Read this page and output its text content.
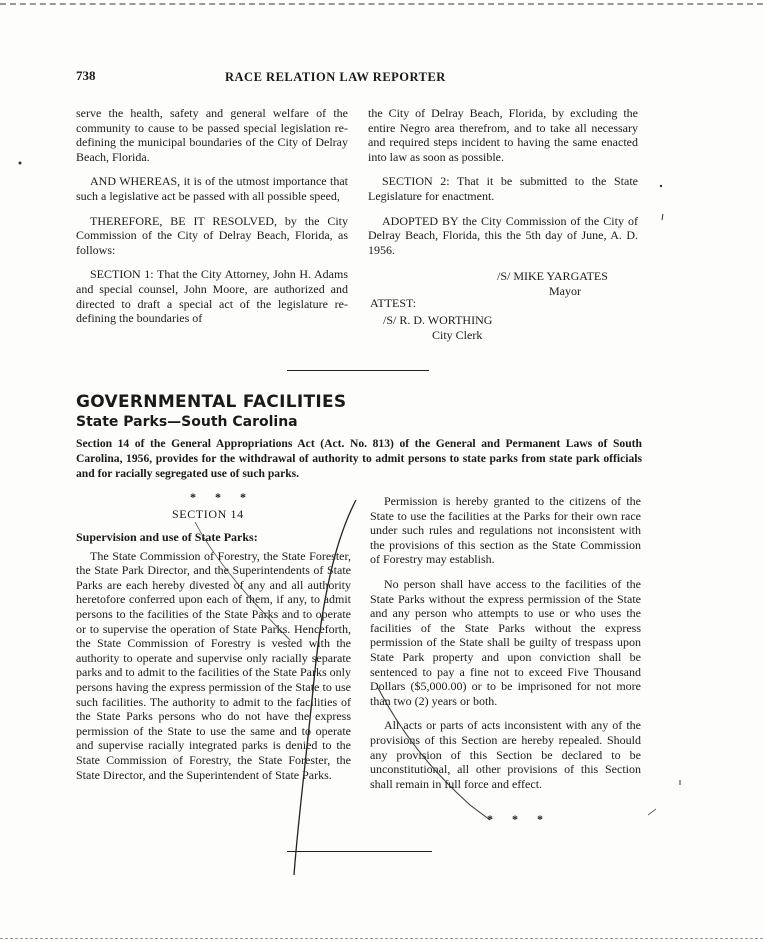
738	RACE RELATION LAW REPORTER

serve the health, safety and general welfare of the community to cause to be passed special legislation re-defining the municipal boundaries of the City of Delray Beach, Florida.

AND WHEREAS, it is of the utmost importance that such a legislative act be passed with all possible speed,

THEREFORE, BE IT RESOLVED, by the City Commission of the City of Delray Beach, Florida, as follows:

SECTION 1: That the City Attorney, John H. Adams and special counsel, John Moore, are authorized and directed to draft a special act of the legislature re-defining the boundaries of

the City of Delray Beach, Florida, by excluding the entire Negro area therefrom, and to take all necessary and required steps incident to having the same enacted into law as soon as possible.

SECTION 2: That it be submitted to the State Legislature for enactment.

ADOPTED BY the City Commission of the City of Delray Beach, Florida, this the 5th day of June, A. D. 1956.

/S/ MIKE YARGATES
Mayor
ATTEST:
/S/ R. D. WORTHING
City Clerk
GOVERNMENTAL FACILITIES
State Parks—South Carolina
Section 14 of the General Appropriations Act (Act. No. 813) of the General and Permanent Laws of South Carolina, 1956, provides for the withdrawal of authority to admit persons to state parks from state park officials and for racially segregated use of such parks.
* * *
SECTION 14

Supervision and use of State Parks:

The State Commission of Forestry, the State Forester, the State Park Director, and the Superintendents of State Parks are each hereby divested of any and all authority heretofore conferred upon each of them, if any, to admit persons to the facilities of the State Parks and to operate or to supervise the operation of State Parks. Henceforth, the State Commission of Forestry is vested with the authority to operate and supervise only racially separate parks and to admit to the facilities of the State Parks only persons having the express permission of the State to use such facilities. The authority to admit to the facilities of the State Parks persons who do not have the express permission of the State to use the same and to operate and supervise racially integrated parks is denied to the State Commission of Forestry, the State Forester, the State Director, and the Superintendent of State Parks.

Permission is hereby granted to the citizens of the State to use the facilities at the Parks for their own race under such rules and regulations not inconsistent with the provisions of this section as the State Commission of Forestry may establish.

No person shall have access to the facilities of the State Parks without the express permission of the State and any person who attempts to use or who uses the facilities of the State Parks without the express permission of the State shall be guilty of trespass upon State Park property and upon conviction shall be sentenced to pay a fine not to exceed Five Thousand Dollars ($5,000.00) or to be imprisoned for not more than two (2) years or both.

All acts or parts of acts inconsistent with any of the provisions of this Section are hereby repealed. Should any provision of this Section be declared to be unconstitutional, all other provisions of this Section shall remain in full force and effect.

* * *
